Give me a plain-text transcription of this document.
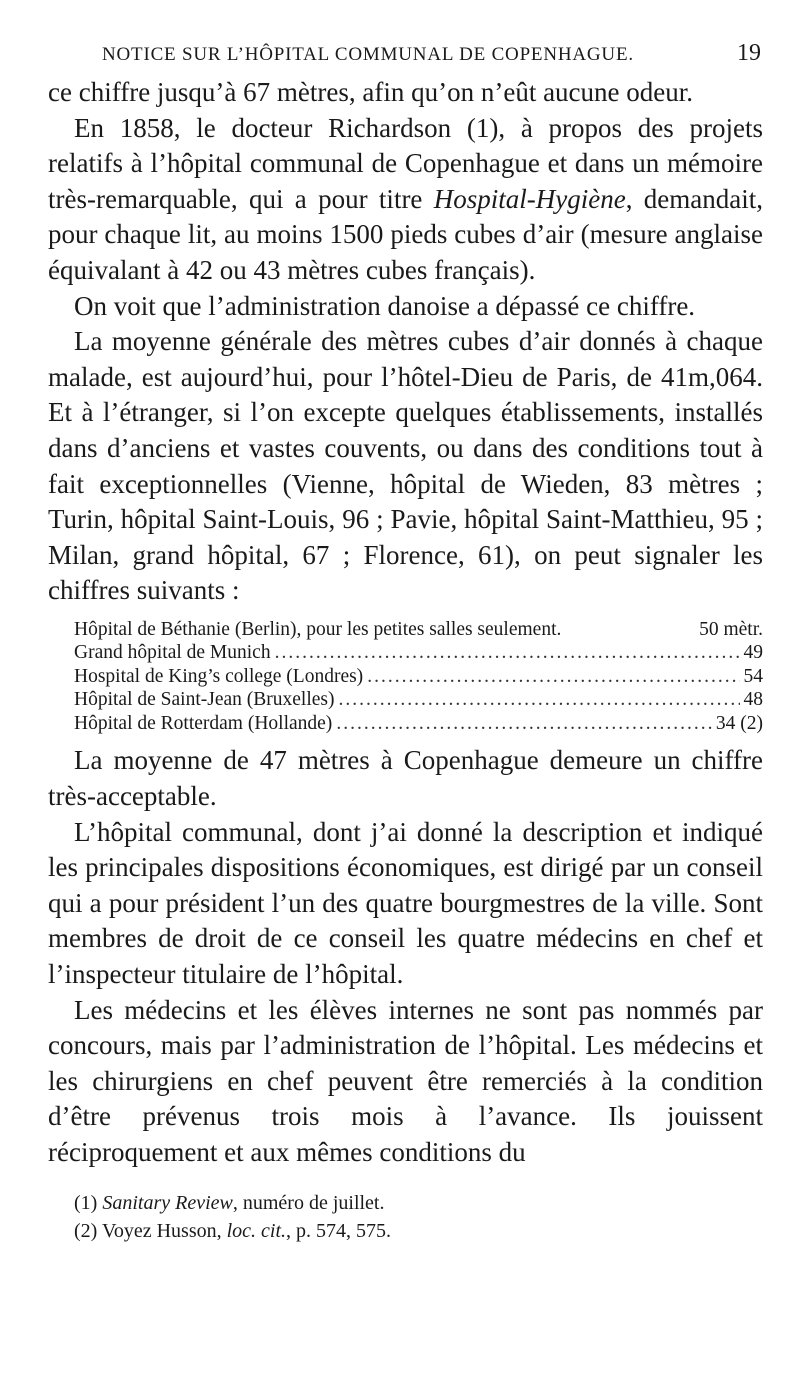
NOTICE SUR L’HÔPITAL COMMUNAL DE COPENHAGUE.	19

ce chiffre jusqu’à 67 mètres, afin qu’on n’eût aucune odeur.

En 1858, le docteur Richardson (1), à propos des projets relatifs à l’hôpital communal de Copenhague et dans un mémoire très-remarquable, qui a pour titre Hospital-Hygiène, demandait, pour chaque lit, au moins 1500 pieds cubes d’air (mesure anglaise équivalant à 42 ou 43 mètres cubes français).

On voit que l’administration danoise a dépassé ce chiffre.

La moyenne générale des mètres cubes d’air donnés à chaque malade, est aujourd’hui, pour l’hôtel-Dieu de Paris, de 41m,064. Et à l’étranger, si l’on excepte quelques établissements, installés dans d’anciens et vastes couvents, ou dans des conditions tout à fait exceptionnelles (Vienne, hôpital de Wieden, 83 mètres ; Turin, hôpital Saint-Louis, 96 ; Pavie, hôpital Saint-Matthieu, 95 ; Milan, grand hôpital, 67 ; Florence, 61), on peut signaler les chiffres suivants :

Hôpital de Béthanie (Berlin), pour les petites salles seulement.	50 mètr.
Grand hôpital de Munich .....	49
Hospital de King’s college (Londres) .....	54
Hôpital de Saint-Jean (Bruxelles) .....	48
Hôpital de Rotterdam (Hollande) .....	34 (2)

La moyenne de 47 mètres à Copenhague demeure un chiffre très-acceptable.

L’hôpital communal, dont j’ai donné la description et indiqué les principales dispositions économiques, est dirigé par un conseil qui a pour président l’un des quatre bourgmestres de la ville. Sont membres de droit de ce conseil les quatre médecins en chef et l’inspecteur titulaire de l’hôpital.

Les médecins et les élèves internes ne sont pas nommés par concours, mais par l’administration de l’hôpital. Les médecins et les chirurgiens en chef peuvent être remerciés à la condition d’être prévenus trois mois à l’avance. Ils jouissent réciproquement et aux mêmes conditions du

(1) Sanitary Review, numéro de juillet.
(2) Voyez Husson, loc. cit., p. 574, 575.
